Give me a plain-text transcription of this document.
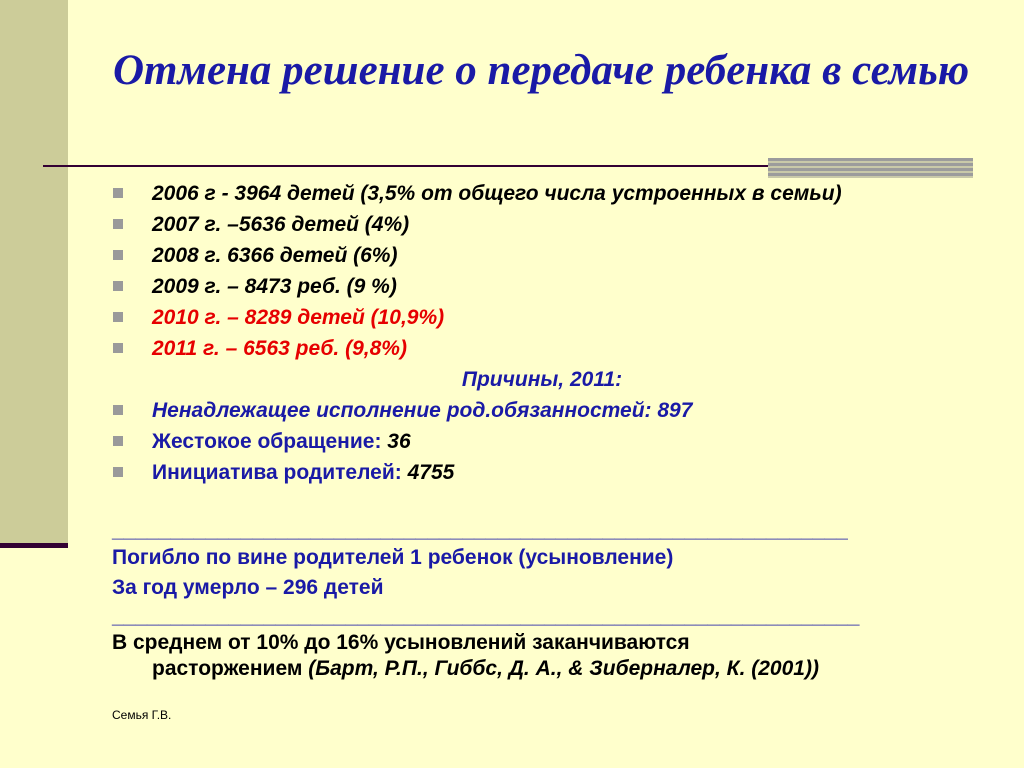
Отмена решение о передаче ребенка в семью
2006 г - 3964 детей (3,5% от общего числа устроенных в семьи)
2007 г. –5636 детей (4%)
2008 г. 6366 детей (6%)
2009 г. – 8473 реб. (9 %)
2010 г. – 8289 детей (10,9%)
2011 г. – 6563 реб. (9,8%)
Причины, 2011:
Ненадлежащее исполнение род.обязанностей: 897
Жестокое обращение: 36
Инициатива родителей: 4755
_______________________________________________________________
Погибло по вине родителей 1 ребенок (усыновление)
За год умерло – 296 детей
________________________________________________________________
В среднем от 10% до 16% усыновлений заканчиваются
расторжением (Барт, Р.П., Гиббс, Д. А., & Зиберналер, К. (2001))
Семья Г.В.
